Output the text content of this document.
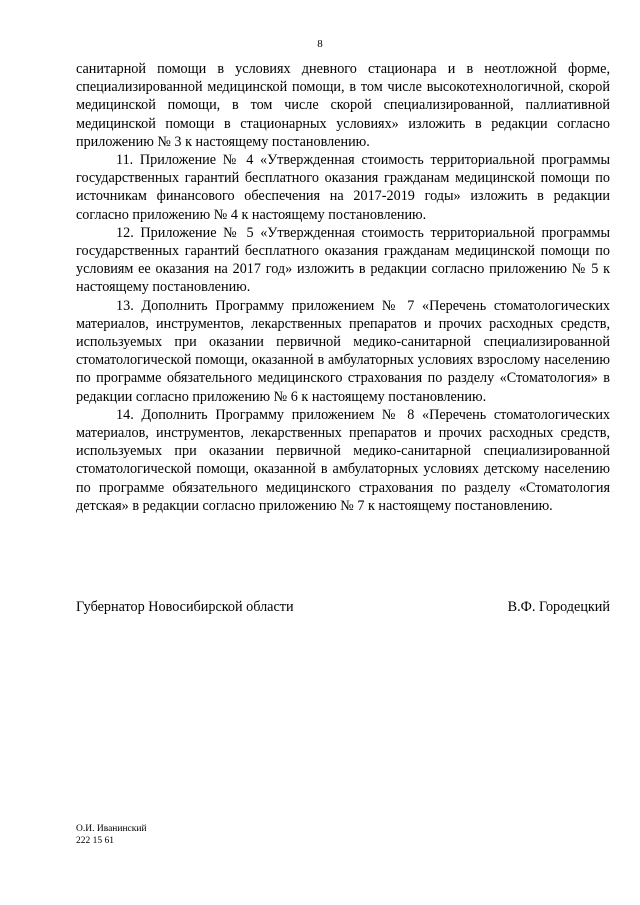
8

санитарной помощи в условиях дневного стационара и в неотложной форме, специализированной медицинской помощи, в том числе высокотехнологичной, скорой медицинской помощи, в том числе скорой специализированной, паллиативной медицинской помощи в стационарных условиях» изложить в редакции согласно приложению № 3 к настоящему постановлению.

11. Приложение № 4 «Утвержденная стоимость территориальной программы государственных гарантий бесплатного оказания гражданам медицинской помощи по источникам финансового обеспечения на 2017-2019 годы» изложить в редакции согласно приложению № 4 к настоящему постановлению.

12. Приложение № 5 «Утвержденная стоимость территориальной программы государственных гарантий бесплатного оказания гражданам медицинской помощи по условиям ее оказания на 2017 год» изложить в редакции согласно приложению № 5 к настоящему постановлению.

13. Дополнить Программу приложением № 7 «Перечень стоматологических материалов, инструментов, лекарственных препаратов и прочих расходных средств, используемых при оказании первичной медико-санитарной специализированной стоматологической помощи, оказанной в амбулаторных условиях взрослому населению по программе обязательного медицинского страхования по разделу «Стоматология» в редакции согласно приложению № 6 к настоящему постановлению.

14. Дополнить Программу приложением № 8 «Перечень стоматологических материалов, инструментов, лекарственных препаратов и прочих расходных средств, используемых при оказании первичной медико-санитарной специализированной стоматологической помощи, оказанной в амбулаторных условиях детскому населению по программе обязательного медицинского страхования по разделу «Стоматология детская» в редакции согласно приложению № 7 к настоящему постановлению.

Губернатор Новосибирской области	В.Ф. Городецкий
О.И. Иванинский
222 15 61
